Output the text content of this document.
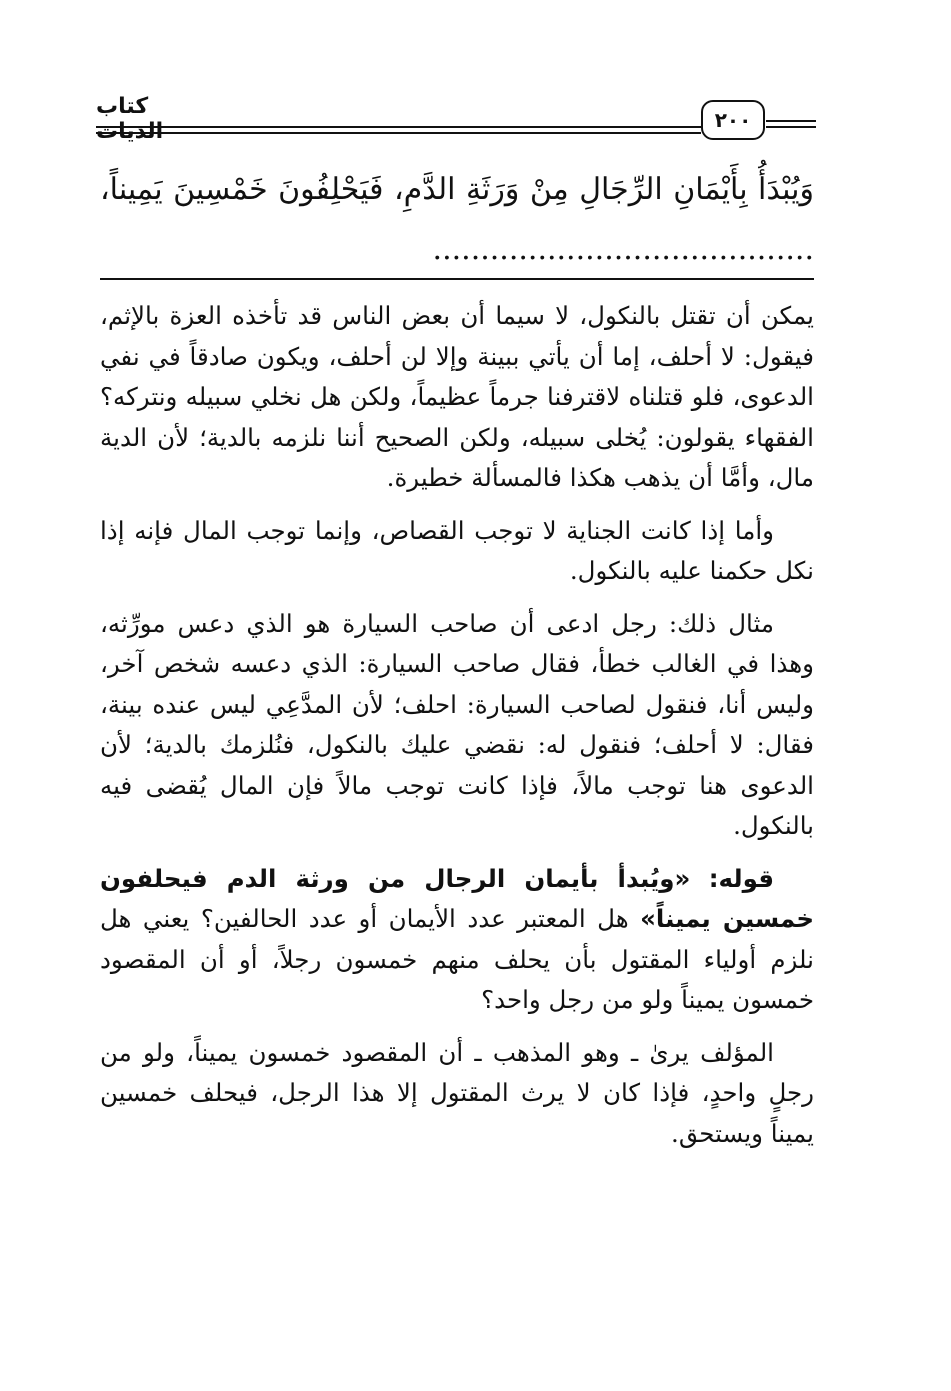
٢٠٠
كتاب الديات
وَيُبْدَأُ بِأَيْمَانِ الرِّجَالِ مِنْ وَرَثَةِ الدَّمِ، فَيَحْلِفُونَ خَمْسِينَ يَمِيناً، ........................................

يمكن أن تقتل بالنكول، لا سيما أن بعض الناس قد تأخذه العزة بالإثم، فيقول: لا أحلف، إما أن يأتي ببينة وإلا لن أحلف، ويكون صادقاً في نفي الدعوى، فلو قتلناه لاقترفنا جرماً عظيماً، ولكن هل نخلي سبيله ونتركه؟ الفقهاء يقولون: يُخلى سبيله، ولكن الصحيح أننا نلزمه بالدية؛ لأن الدية مال، وأمَّا أن يذهب هكذا فالمسألة خطيرة.

وأما إذا كانت الجناية لا توجب القصاص، وإنما توجب المال فإنه إذا نكل حكمنا عليه بالنكول.

مثال ذلك: رجل ادعى أن صاحب السيارة هو الذي دعس مورِّثه، وهذا في الغالب خطأ، فقال صاحب السيارة: الذي دعسه شخص آخر، وليس أنا، فنقول لصاحب السيارة: احلف؛ لأن المدَّعِي ليس عنده بينة، فقال: لا أحلف؛ فنقول له: نقضي عليك بالنكول، فنُلزمك بالدية؛ لأن الدعوى هنا توجب مالاً، فإذا كانت توجب مالاً فإن المال يُقضى فيه بالنكول.

قوله: «ويُبدأ بأيمان الرجال من ورثة الدم فيحلفون خمسين يميناً» هل المعتبر عدد الأيمان أو عدد الحالفين؟ يعني هل نلزم أولياء المقتول بأن يحلف منهم خمسون رجلاً، أو أن المقصود خمسون يميناً ولو من رجل واحد؟

المؤلف يرىٰ ـ وهو المذهب ـ أن المقصود خمسون يميناً، ولو من رجلٍ واحدٍ، فإذا كان لا يرث المقتول إلا هذا الرجل، فيحلف خمسين يميناً ويستحق.
